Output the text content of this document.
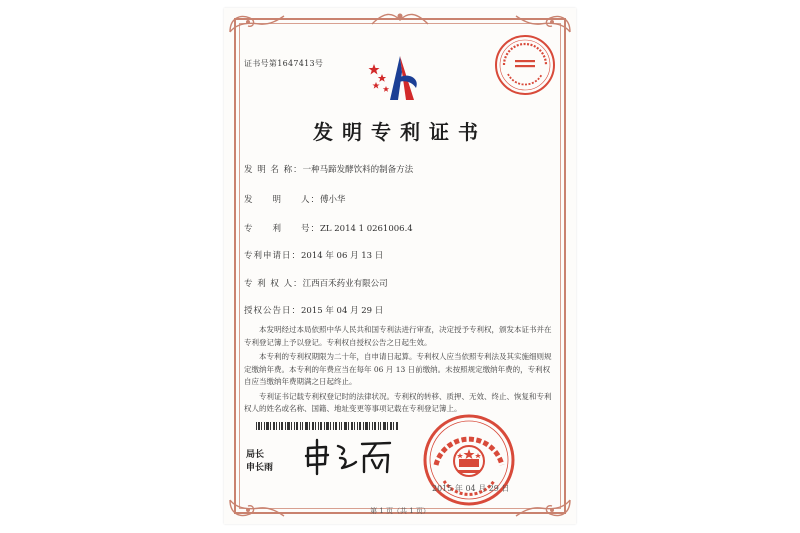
证书号第1647413号
发明专利证书
发 明 名 称：一种马蹄发酵饮料的制备方法
发　　明　　人：傅小华
专　　利　　号：ZL 2014 1 0261006.4
专利申请日：2014 年 06 月 13 日
专 利 权 人：江西百禾药业有限公司
授权公告日：2015 年 04 月 29 日

本发明经过本局依照中华人民共和国专利法进行审查，决定授予专利权，颁发本证书并在专利登记簿上予以登记。专利权自授权公告之日起生效。

本专利的专利权期限为二十年，自申请日起算。专利权人应当依照专利法及其实施细则规定缴纳年费。本专利的年费应当在每年 06 月 13 日前缴纳。未按照规定缴纳年费的，专利权自应当缴纳年费期满之日起终止。

专利证书记载专利权登记时的法律状况。专利权的转移、质押、无效、终止、恢复和专利权人的姓名或名称、国籍、地址变更等事项记载在专利登记簿上。

局长
申长雨
2015 年 04 月 29 日
第 1 页（共 1 页）
